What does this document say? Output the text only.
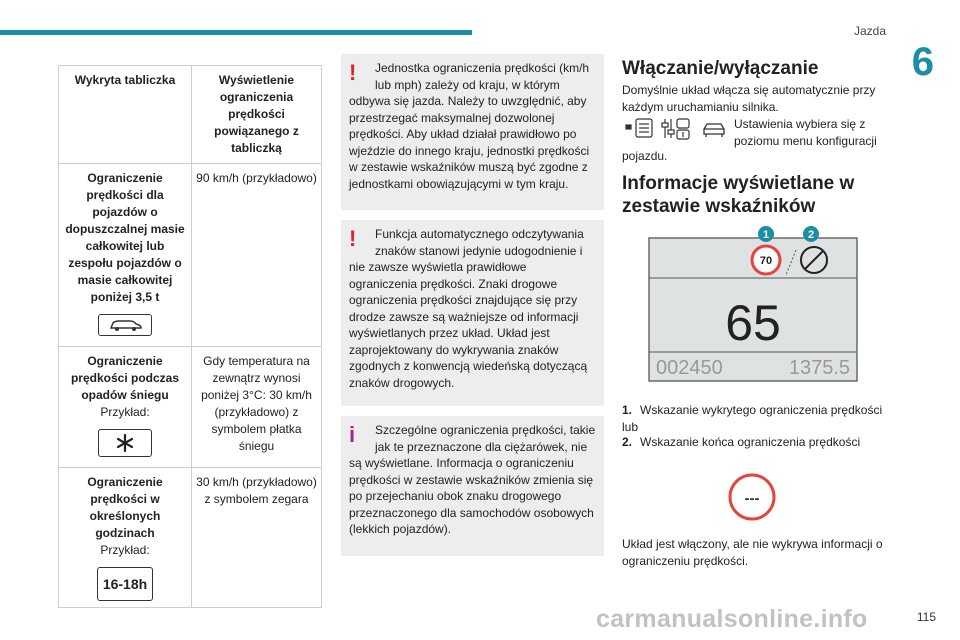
Jazda
6
Wykryta tabliczka	Wyświetlenie ograniczenia prędkości powiązanego z tabliczką

Ograniczenie prędkości dla pojazdów o dopuszczalnej masie całkowitej lub zespołu pojazdów o masie całkowitej poniżej 3,5 t	90 km/h (przykładowo)

Ograniczenie prędkości podczas opadów śniegu
Przykład:	Gdy temperatura na zewnątrz wynosi poniżej 3°C: 30 km/h (przykładowo) z symbolem płatka śniegu

Ograniczenie prędkości w określonych godzinach
Przykład:
16-18h	30 km/h (przykładowo) z symbolem zegara
!	Jednostka ograniczenia prędkości (km/h lub mph) zależy od kraju, w którym odbywa się jazda. Należy to uwzględnić, aby przestrzegać maksymalnej dozwolonej prędkości. Aby układ działał prawidłowo po wjeździe do innego kraju, jednostki prędkości w zestawie wskaźników muszą być zgodne z jednostkami obowiązującymi w tym kraju.

!	Funkcja automatycznego odczytywania znaków stanowi jedynie udogodnienie i nie zawsze wyświetla prawidłowe ograniczenia prędkości. Znaki drogowe ograniczenia prędkości znajdujące się przy drodze zawsze są ważniejsze od informacji wyświetlanych przez układ. Układ jest zaprojektowany do wykrywania znaków zgodnych z konwencją wiedeńską dotyczącą znaków drogowych.

i	Szczególne ograniczenia prędkości, takie jak te przeznaczone dla ciężarówek, nie są wyświetlane. Informacja o ograniczeniu prędkości w zestawie wskaźników zmienia się po przejechaniu obok znaku drogowego przeznaczonego dla samochodów osobowych (lekkich pojazdów).

Włączanie/wyłączanie
Domyślnie układ włącza się automatycznie przy każdym uruchamianiu silnika.
Ustawienia wybiera się z poziomu menu konfiguracji
pojazdu.
Informacje wyświetlane w zestawie wskaźników
1	2
70
65
002450	1375.5
1. Wskazanie wykrytego ograniczenia prędkości lub
2. Wskazanie końca ograniczenia prędkości
---
Układ jest włączony, ale nie wykrywa informacji o ograniczeniu prędkości.
carmanualsonline.info	115
